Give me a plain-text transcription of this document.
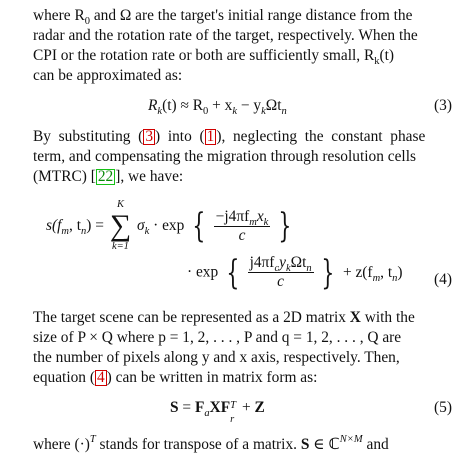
where $R_0$ and Ω are the target's initial range distance from the
radar and the rotation rate of the target, respectively. When the
CPI or the rotation rate or both are sufficiently small, $R_k(t)$
can be approximated as:
$R_k(t) \approx R_0 + x_k - y_k\Omega t_n$	(3)
By  substituting  ( 3 )  into  ( 1 ),  neglecting  the  constant  phase
term, and compensating the migration through resolution cells
(MTRC) [ 22 ], we have:
$s(f_m$, $t_n$) =
K
∑
k=1
$\sigma_k \cdot \exp$ { $\frac{-j4\pi f_mx_k}{c}$ }
· exp { $\frac{j4\pi f_cy_k\Omega t_n}{c}$ } + $z(f_m$, $t_n$) (4)
The target scene can be represented as a 2D matrix X with the
size of P × Q where p = 1, 2, . . . , P and q = 1, 2, . . . , Q are
the number of pixels along y and x axis, respectively. Then,
equation ( 4 ) can be written in matrix form as:
$S = F_aXF$ T
r
+ Z	(5)
where $(\cdot)^T$ stands for transpose of a matrix. S ∈ ℂ$^{N\times M}$ and
